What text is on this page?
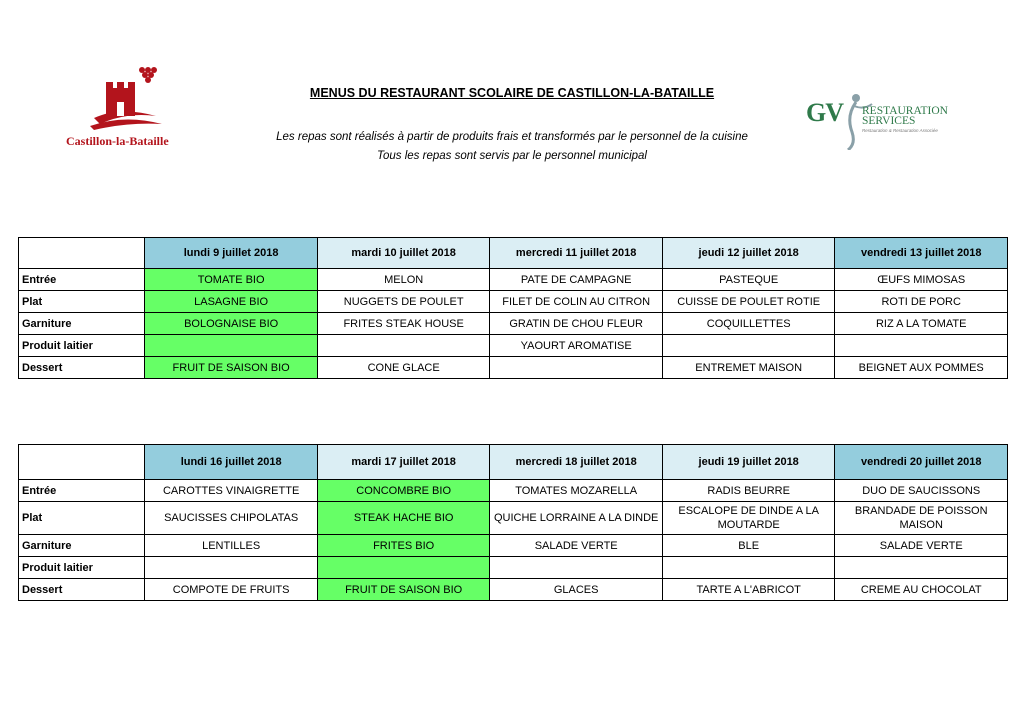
Castillon-la-Bataille
GV RESTAURATION
SERVICES
Restauration & Restauration Associée
MENUS DU RESTAURANT SCOLAIRE DE CASTILLON-LA-BATAILLE
Les repas sont réalisés à partir de produits frais et transformés par le personnel de la cuisine
Tous les repas sont servis par le personnel municipal
	lundi 9 juillet 2018	mardi 10 juillet 2018	mercredi 11 juillet 2018	jeudi 12 juillet 2018	vendredi 13 juillet 2018
Entrée	TOMATE BIO	MELON	PATE DE CAMPAGNE	PASTEQUE	ŒUFS MIMOSAS
Plat	LASAGNE BIO	NUGGETS DE POULET	FILET DE COLIN AU CITRON	CUISSE DE POULET ROTIE	ROTI DE PORC
Garniture	BOLOGNAISE BIO	FRITES STEAK HOUSE	GRATIN DE CHOU FLEUR	COQUILLETTES	RIZ A LA TOMATE
Produit laitier			YAOURT AROMATISE		
Dessert	FRUIT DE SAISON BIO	CONE GLACE		ENTREMET MAISON	BEIGNET AUX POMMES
	lundi 16 juillet 2018	mardi 17 juillet 2018	mercredi 18 juillet 2018	jeudi 19 juillet 2018	vendredi 20 juillet 2018
Entrée	CAROTTES VINAIGRETTE	CONCOMBRE BIO	TOMATES MOZARELLA	RADIS BEURRE	DUO DE SAUCISSONS
Plat	SAUCISSES CHIPOLATAS	STEAK HACHE BIO	QUICHE LORRAINE A LA DINDE	ESCALOPE DE DINDE A LA MOUTARDE	BRANDADE DE POISSON MAISON
Garniture	LENTILLES	FRITES BIO	SALADE VERTE	BLE	SALADE VERTE
Produit laitier					
Dessert	COMPOTE DE FRUITS	FRUIT DE SAISON BIO	GLACES	TARTE A L'ABRICOT	CREME AU CHOCOLAT
